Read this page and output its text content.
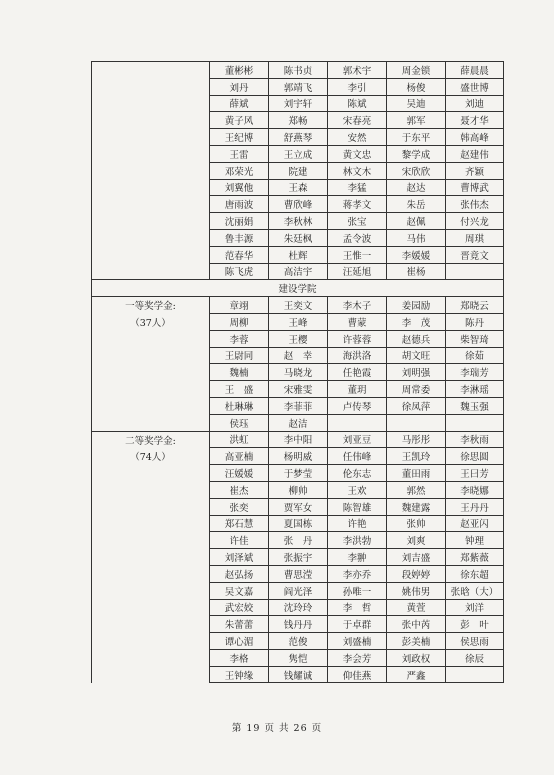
	董彬彬	陈书贞	郭术宇	周金锁	薛晨晨
	刘丹	郭靖飞	李引	杨俊	盛世博
	薛斌	刘宇轩	陈斌	吴迪	刘迪
	黄子风	郑畅	宋春亮	郭军	聂才华
	王纪博	舒燕琴	安然	于东平	韩高峰
	王雷	王立成	黄文忠	黎学成	赵建伟
	邓荣光	院建	林文木	宋欣欣	齐颖
	刘翼他	王森	李猛	赵达	曹博武
	唐雨波	曹欣峰	蒋孝文	朱岳	张伟杰
	沈丽娟	李秋林	张宝	赵佩	付兴龙
	鲁丰源	朱廷枫	孟令波	马伟	周琪
	范春华	杜辉	王惟一	李媛媛	晋竟文
	陈飞虎	高洁宇	汪延旭	崔杨	
建设学院					
一等奖学金:	章翊	王奕文	李木子	姜园励	郑晓云
（37人）	周柳	王峰	曹蒙	李　茂	陈丹
	李蓉	王樱	许蓉蓉	赵德兵	柴智琦
	王尉同	赵　幸	海洪洛	胡文旺	徐茹
	魏楠	马晓龙	任艳霞	刘明强	李瑞芳
	王　盛	宋雅雯	董玥	周常委	李淋瑶
	杜琳琳	李菲菲	卢传琴	徐凤萍	魏玉强
	侯珏	赵洁			
二等奖学金:	洪虹	李中阳	刘亚豆	马彤彤	李秋雨
（74人）	高亚楠	杨明威	任伟峰	王凯玲	徐思圆
	汪媛媛	于梦莹	伦东志	董田雨	王曰芳
	崔杰	柳帅	王欢	郭然	李晓娜
	张奕	贾军女	陈智雄	魏建露	王丹丹
	郑石慧	夏国栋	许艳	张帅	赵亚闪
	许佳	张　丹	李洪勃	刘爽	钟理
	刘泽斌	张振宇	李翀	刘吉盛	郑紫薇
	赵弘扬	曹思滢	李亦乔	段婷婷	徐东超
	吴文嘉	阎光泽	孙唯一	姚伟男	张晗（大）
	武宏姣	沈玲玲	李　哲	黄萱	刘洋
	朱蕾蕾	钱丹丹	于卓群	张中芮	彭　叶
	谭心湄	范俊	刘盛楠	彭美楠	侯思雨
	李格	隽恺	李会芳	刘政权	徐辰
	王钟缘	钱耀诚	仰佳燕	严鑫	
第 19 页 共 26 页
